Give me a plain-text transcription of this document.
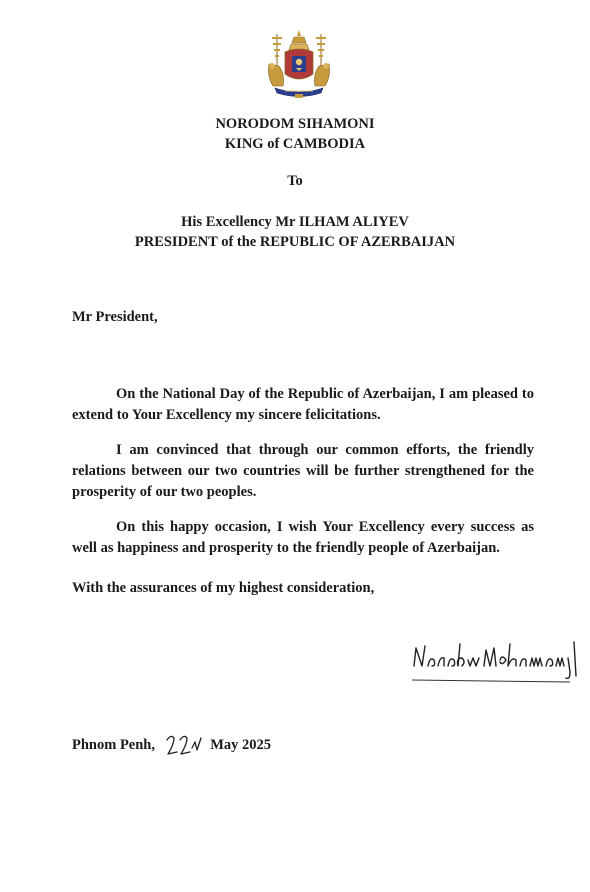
NORODOM SIHAMONI
KING of CAMBODIA
To
His Excellency Mr ILHAM ALIYEV
PRESIDENT of the REPUBLIC OF AZERBAIJAN
Mr President,
On the National Day of the Republic of Azerbaijan, I am pleased to extend to Your Excellency my sincere felicitations.
I am convinced that through our common efforts, the friendly relations between our two countries will be further strengthened for the prosperity of our two peoples.
On this happy occasion, I wish Your Excellency every success as well as happiness and prosperity to the friendly people of Azerbaijan.
With the assurances of my highest consideration,
Phnom Penh,	May 2025
